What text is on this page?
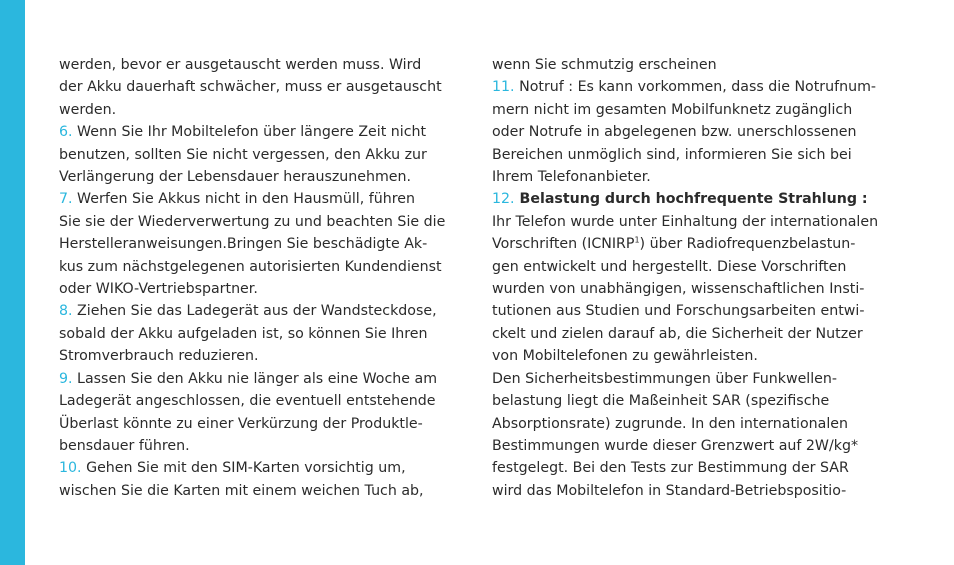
werden, bevor er ausgetauscht werden muss. Wird
der Akku dauerhaft schwächer, muss er ausgetauscht
werden.
6. Wenn Sie Ihr Mobiltelefon über längere Zeit nicht
benutzen, sollten Sie nicht vergessen, den Akku zur
Verlängerung der Lebensdauer herauszunehmen.
7. Werfen Sie Akkus nicht in den Hausmüll, führen
Sie sie der Wiederverwertung zu und beachten Sie die
Herstelleranweisungen.Bringen Sie beschädigte Ak-
kus zum nächstgelegenen autorisierten Kundendienst
oder WIKO-Vertriebspartner.
8. Ziehen Sie das Ladegerät aus der Wandsteckdose,
sobald der Akku aufgeladen ist, so können Sie Ihren
Stromverbrauch reduzieren.
9. Lassen Sie den Akku nie länger als eine Woche am
Ladegerät angeschlossen, die eventuell entstehende
Überlast könnte zu einer Verkürzung der Produktle-
bensdauer führen.
10. Gehen Sie mit den SIM-Karten vorsichtig um,
wischen Sie die Karten mit einem weichen Tuch ab,
wenn Sie schmutzig erscheinen
11. Notruf : Es kann vorkommen, dass die Notrufnum-
mern nicht im gesamten Mobilfunknetz zugänglich
oder Notrufe in abgelegenen bzw. unerschlossenen
Bereichen unmöglich sind, informieren Sie sich bei
Ihrem Telefonanbieter.
12. Belastung durch hochfrequente Strahlung :
Ihr Telefon wurde unter Einhaltung der internationalen
Vorschriften (ICNIRP$^1$) über Radiofrequenzbelastun-
gen entwickelt und hergestellt. Diese Vorschriften
wurden von unabhängigen, wissenschaftlichen Insti-
tutionen aus Studien und Forschungsarbeiten entwi-
ckelt und zielen darauf ab, die Sicherheit der Nutzer
von Mobiltelefonen zu gewährleisten.
Den Sicherheitsbestimmungen über Funkwellen-
belastung liegt die Maßeinheit SAR (spezifische
Absorptionsrate) zugrunde. In den internationalen
Bestimmungen wurde dieser Grenzwert auf 2W/kg*
festgelegt. Bei den Tests zur Bestimmung der SAR
wird das Mobiltelefon in Standard-Betriebspositio-
